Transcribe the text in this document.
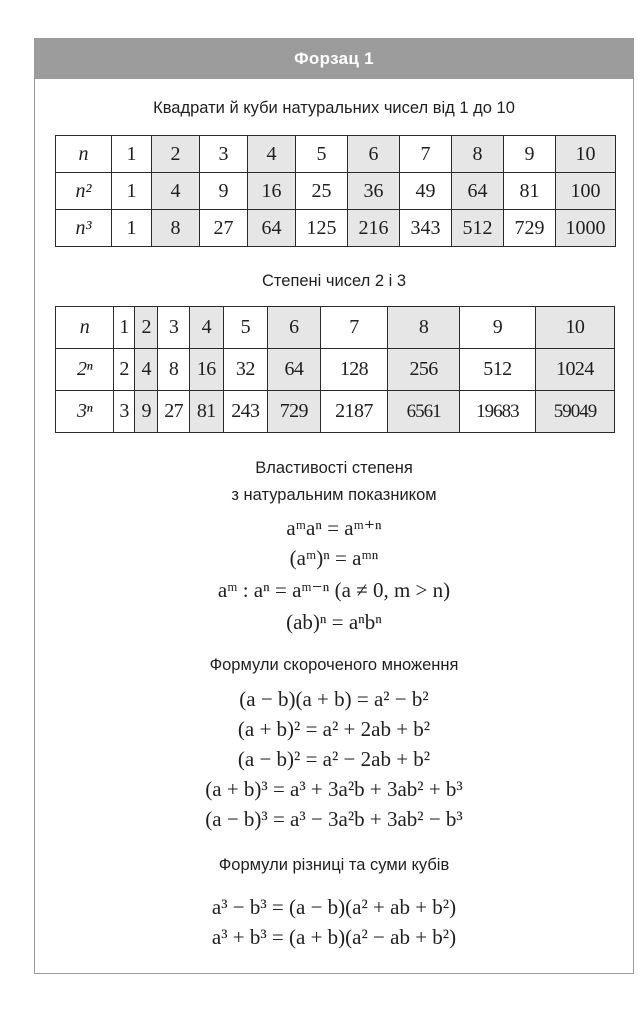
Форзац 1
Квадрати й куби натуральних чисел від 1 до 10
n	1	2	3	4	5	6	7	8	9	10
n²	1	4	9	16	25	36	49	64	81	100
n³	1	8	27	64	125	216	343	512	729	1000
Степені чисел 2 і 3
n	1	2	3	4	5	6	7	8	9	10
2ⁿ	2	4	8	16	32	64	128	256	512	1024
3ⁿ	3	9	27	81	243	729	2187	6561	19683	59049
Властивості степеня
з натуральним показником
aᵐaⁿ = aᵐ⁺ⁿ
(aᵐ)ⁿ = aᵐⁿ
aᵐ : aⁿ = aᵐ⁻ⁿ (a ≠ 0, m > n)
(ab)ⁿ = aⁿbⁿ
Формули скороченого множення
(a − b)(a + b) = a² − b²
(a + b)² = a² + 2ab + b²
(a − b)² = a² − 2ab + b²
(a + b)³ = a³ + 3a²b + 3ab² + b³
(a − b)³ = a³ − 3a²b + 3ab² − b³
Формули різниці та суми кубів
a³ − b³ = (a − b)(a² + ab + b²)
a³ + b³ = (a + b)(a² − ab + b²)
